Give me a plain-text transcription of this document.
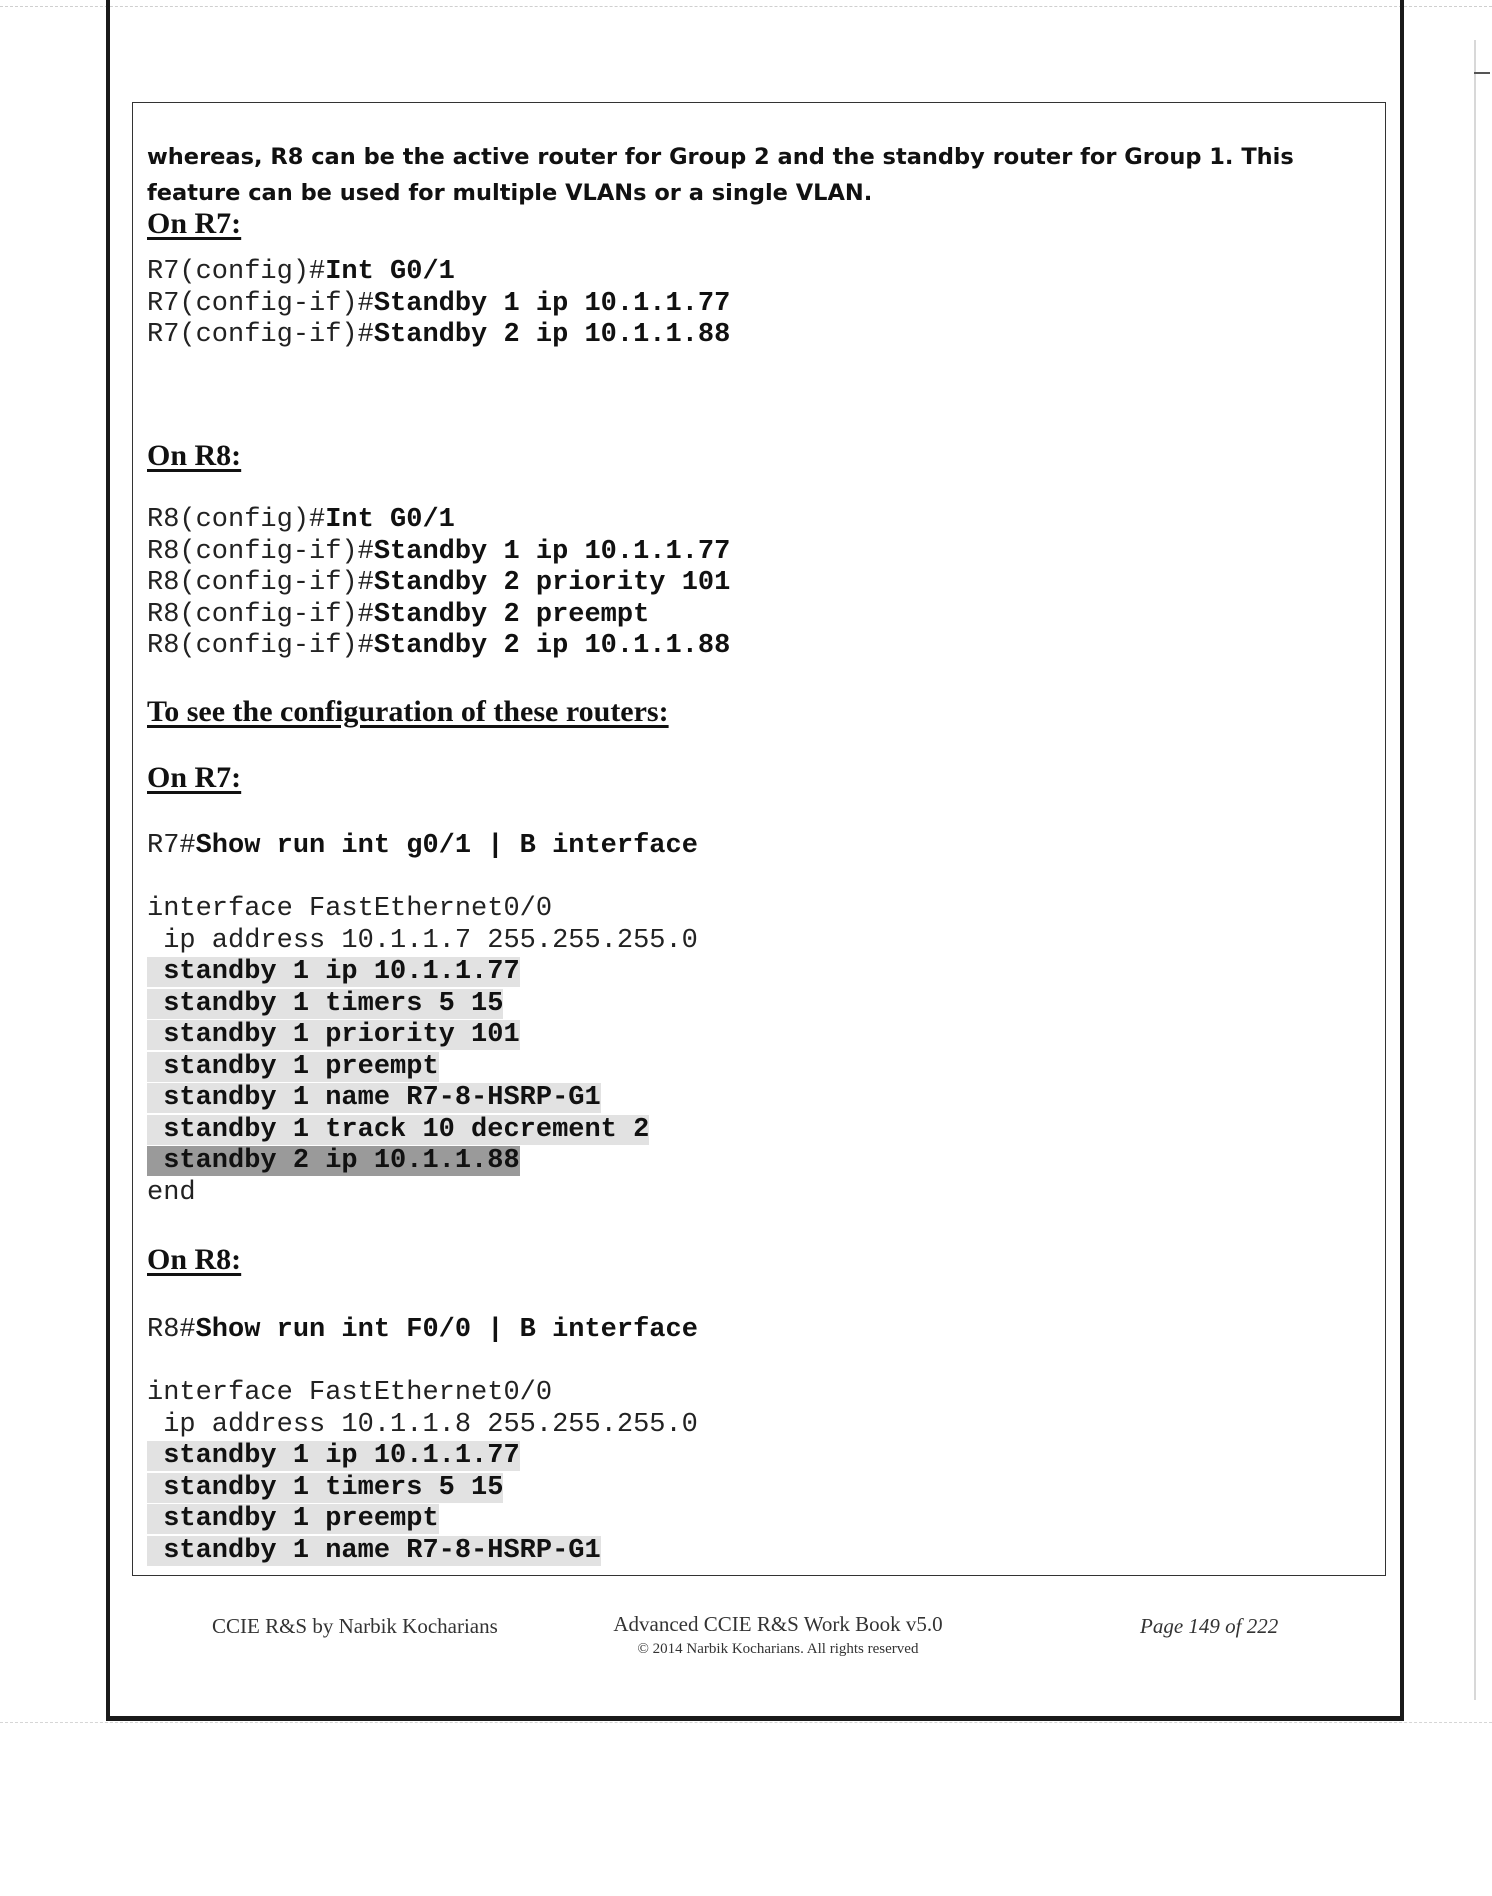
whereas, R8 can be the active router for Group 2 and the standby router for Group 1. This feature can be used for multiple VLANs or a single VLAN.
On R7:
R7(config)#Int G0/1
R7(config-if)#Standby 1 ip 10.1.1.77
R7(config-if)#Standby 2 ip 10.1.1.88
On R8:
R8(config)#Int G0/1
R8(config-if)#Standby 1 ip 10.1.1.77
R8(config-if)#Standby 2 priority 101
R8(config-if)#Standby 2 preempt
R8(config-if)#Standby 2 ip 10.1.1.88
To see the configuration of these routers:
On R7:
R7#Show run int g0/1 | B interface
interface FastEthernet0/0
ip address 10.1.1.7 255.255.255.0
standby 1 ip 10.1.1.77
standby 1 timers 5 15
standby 1 priority 101
standby 1 preempt
standby 1 name R7-8-HSRP-G1
standby 1 track 10 decrement 2
standby 2 ip 10.1.1.88
end
On R8:
R8#Show run int F0/0 | B interface
interface FastEthernet0/0
ip address 10.1.1.8 255.255.255.0
standby 1 ip 10.1.1.77
standby 1 timers 5 15
standby 1 preempt
standby 1 name R7-8-HSRP-G1
CCIE R&S by Narbik Kocharians	Advanced CCIE R&S Work Book v5.0
© 2014 Narbik Kocharians. All rights reserved
Page 149 of 222
